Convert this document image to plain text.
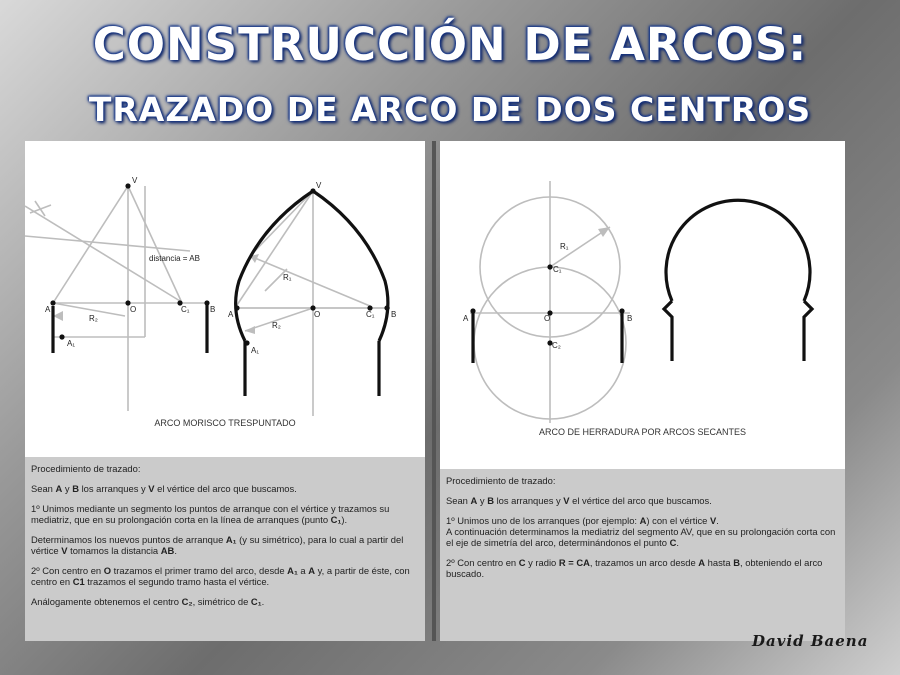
CONSTRUCCIÓN DE ARCOS:
TRAZADO DE ARCO DE DOS CENTROS
V
A	O	C₁	B
A₁
R₂
distancia = AB
V
A	O	C₁ B
A₁
R₁
R₂
ARCO MORISCO TRESPUNTADO

Procedimiento de trazado:

Sean A y B los arranques y V el vértice del arco que buscamos.

1º Unimos mediante un segmento los puntos de arranque con el vértice y trazamos su mediatriz, que en su prolongación corta en la línea de arranques (punto C₁).

Determinamos los nuevos puntos de arranque A₁ (y su simétrico), para lo cual a partir del vértice V tomamos la distancia AB.

2º Con centro en O trazamos el primer tramo del arco, desde A₁ a A y, a partir de éste, con centro en C1 trazamos el segundo tramo hasta el vértice.

Análogamente obtenemos el centro C₂, simétrico de C₁.

R₁
C₁
A	O	B
C₂
ARCO DE HERRADURA POR ARCOS SECANTES

Procedimiento de trazado:

Sean A y B los arranques y V el vértice del arco que buscamos.

1º Unimos uno de los arranques (por ejemplo: A) con el vértice V.

A continuación determinamos la mediatriz del segmento AV, que en su prolongación corta con el eje de simetría del arco, determinándonos el punto C.

2º Con centro en C y radio R = CA, trazamos un arco desde A hasta B, obteniendo el arco buscado.

David Baena
